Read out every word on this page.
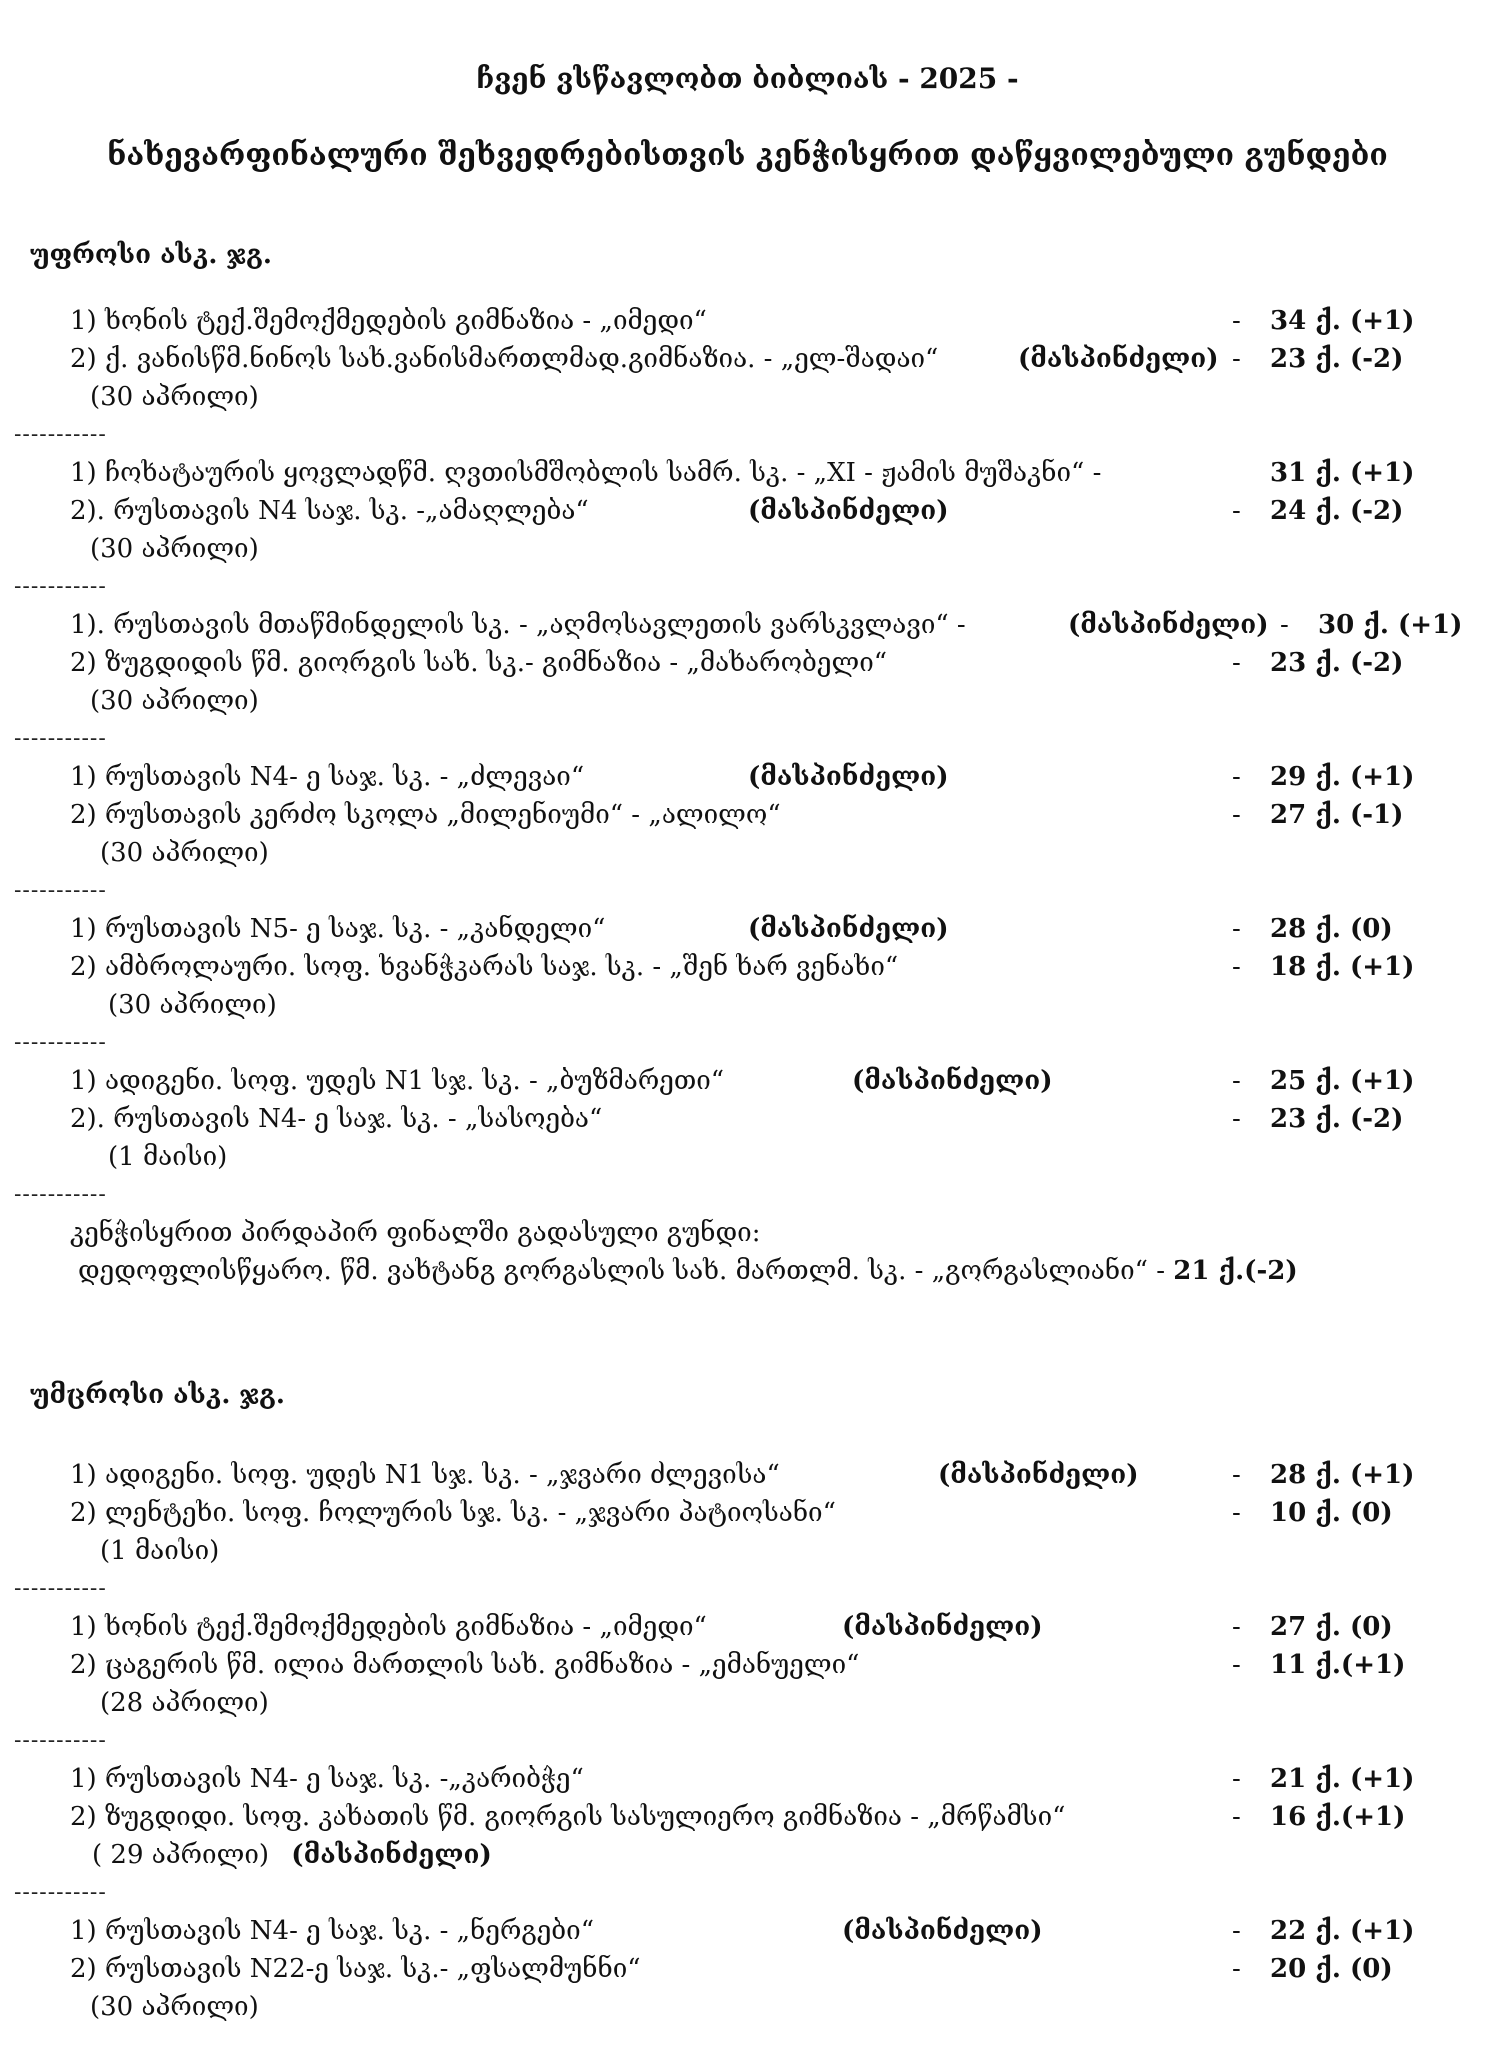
ჩვენ ვსწავლობთ ბიბლიას - 2025 -
ნახევარფინალური შეხვედრებისთვის კენჭისყრით დაწყვილებული გუნდები
უფროსი ასკ. ჯგ.
1) ხონის ტექ.შემოქმედების გიმნაზია - „იმედი“	- 34 ქ. (+1)
2) ქ. ვანისწმ.ნინოს სახ.ვანისმართლმად.გიმნაზია. - „ელ-შადაი“	(მასპინძელი) - 23 ქ. (-2)
(30 აპრილი)
-----------
1) ჩოხატაურის ყოვლადწმ. ღვთისმშობლის სამრ. სკ. - „XI - ჟამის მუშაკნი“ -	31 ქ. (+1)
2). რუსთავის N4 საჯ. სკ. -„ამაღლება“	(მასპინძელი)	- 24 ქ. (-2)
(30 აპრილი)
-----------
1). რუსთავის მთაწმინდელის სკ. - „აღმოსავლეთის ვარსკვლავი“ -	(მასპინძელი) - 30 ქ. (+1)
2) ზუგდიდის წმ. გიორგის სახ. სკ.- გიმნაზია - „მახარობელი“	- 23 ქ. (-2)
(30 აპრილი)
-----------
1) რუსთავის N4- ე საჯ. სკ. - „ძლევაი“	(მასპინძელი)	- 29 ქ. (+1)
2) რუსთავის კერძო სკოლა „მილენიუმი“ - „ალილო“	- 27 ქ. (-1)
(30 აპრილი)
-----------
1) რუსთავის N5- ე საჯ. სკ. - „კანდელი“	(მასპინძელი)	- 28 ქ. (0)
2) ამბროლაური. სოფ. ხვანჭკარას საჯ. სკ. - „შენ ხარ ვენახი“	- 18 ქ. (+1)
(30 აპრილი)
-----------
1) ადიგენი. სოფ. უდეს N1 სჯ. სკ. - „ბუზმარეთი“	(მასპინძელი)	- 25 ქ. (+1)
2). რუსთავის N4- ე საჯ. სკ. - „სასოება“	- 23 ქ. (-2)
(1 მაისი)
-----------
კენჭისყრით პირდაპირ ფინალში გადასული გუნდი:
დედოფლისწყარო. წმ. ვახტანგ გორგასლის სახ. მართლმ. სკ. - „გორგასლიანი“ - 21 ქ.(-2)
უმცროსი ასკ. ჯგ.
1) ადიგენი. სოფ. უდეს N1 სჯ. სკ. - „ჯვარი ძლევისა“	(მასპინძელი)	- 28 ქ. (+1)
2) ლენტეხი. სოფ. ჩოლურის სჯ. სკ. - „ჯვარი პატიოსანი“	- 10 ქ. (0)
(1 მაისი)
-----------
1) ხონის ტექ.შემოქმედების გიმნაზია - „იმედი“	(მასპინძელი)	- 27 ქ. (0)
2) ცაგერის წმ. ილია მართლის სახ. გიმნაზია - „ემანუელი“	- 11 ქ.(+1)
(28 აპრილი)
-----------
1) რუსთავის N4- ე საჯ. სკ. -„კარიბჭე“	- 21 ქ. (+1)
2) ზუგდიდი. სოფ. კახათის წმ. გიორგის სასულიერო გიმნაზია - „მრწამსი“	- 16 ქ.(+1)
( 29 აპრილი) (მასპინძელი)
-----------
1) რუსთავის N4- ე საჯ. სკ. - „ნერგები“	(მასპინძელი)	- 22 ქ. (+1)
2) რუსთავის N22-ე საჯ. სკ.- „ფსალმუნნი“	- 20 ქ. (0)
(30 აპრილი)
